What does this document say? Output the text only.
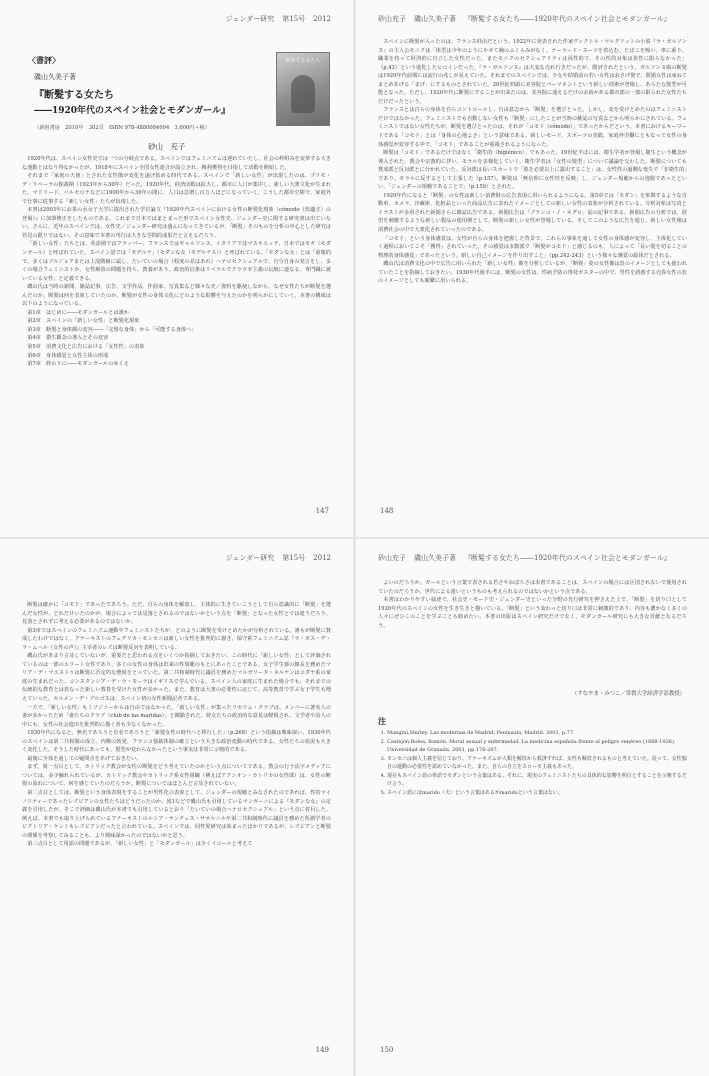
ジェンダー研究 第15号 2012
〈書評〉
磯山久美子著
『断髪する女たち
――1920年代のスペイン社会とモダンガール』
（新宿書房　2010年　302頁　ISBN 978-4880084094　3,600円＋税）
砂山　充子
断髪する女たち

1920年代は、スペイン女性史では一つの分岐点である。スペインではフェミニズムは遅れていたし、社会の枠組みを変革する大きな運動とはなり得なかったが、1918年にスペイン全国女性連合が設立され、権利獲得を目指して活動を開始した。

それまで「家庭の天使」とされた女性像が変化を遂げ始める時代である。スペインで「新しい女性」が出現したのは、プリモ・デ・リベーラの独裁期（1923年から30年）だった。1920年代、経済活動は拡大し、都市に人口が集中し、新しい大衆文化が生まれた。マドリード、バルセロナなどに1900年から30年の間に、人口は急増し百万人ほどになっていく。こうした都市空間で、家庭外で仕事に従事する「新しい女性」たちが出現した。

本書は2003年にお茶の水女子大学に提出された学位論文『1920年代スペインにおける女性の断髪化現象（cómodo（快適さ）の登場）』に加筆修正をしたものである。これまで日本ではまとまった形でスペイン女性史、ジェンダー史に関する研究書は出ていない。さらに、近年のスペインでは、女性史／ジェンダー研究は盛んになってきているが、「断髪」そのものを分析の中心とした研究は管見の限りではない。その意味で本書の刊行は大きな学問的成果だと言えるだろう。

「新しい女性」たちとは、英語圏ではフラッパー、フランスではギャルソンヌ、イタリアではマスキエッテ、日本ではモガ（モダンガール）と呼ばれていた。スペイン語では「モデルナ」（モダンな女（モデルナス））と呼ばれている。「モダンな女」とは「前衛的で、多くはブルジョアまたは上流階級に属し、たいていの場合（程度の差はあれ）ヘテロセクシュアルで、自分自身の発言をし、多くの場合フェミニストか、女性解放の問題を持ち、教養があり、政治的信条はリベラルでクラウゼ主義の伝統に連なる、専門職に就いている女性」と定義できる。

磯山氏は当時の新聞、雑誌記事、広告、文学作品、作曲家、写真集など様々な史／資料を駆使しながら、なぜ女性たちが断髪を選んだのか、断髪は何を表象していたのか、断髪が女性の身体文化にどのような影響を与えたのかを明らかにしていく。本書の構成は以下のようになっている。

第1章　はじめに――モダンガールとは誰か

第2章　スペインの「新しい女性」と断髪化現象

第3章　断髪と身体観の変容――「完璧な身体」から「可能する身体へ」

第4章　衛生観念の導入とその変容

第5章　消費文化と広告における「女性性」の表象

第6章　身体感覚と女性主体の形成

第7章　終わりに――モダンガールのゆくえ

147
砂山充子 磯山久美子著 『断髪する女たち――1920年代のスペイン社会とモダンガール』

スペインに断髪が入ったのは、フランス経由だという。1922年に発表された作家ヴィクトル・マルグリットの小説『ラ・ガルソンヌ』の主人公モニクは「体型は少年のようにやせて胸のふくらみがなく、テーラード・スーツを着込む。たばこを吸い、車に乗り、職業を持って経済的に自立した女性だった。またモニクのセクシュアリティは両性的で、その性的対象は異性に限らなかった」（p.43）という進化したヒロインだった。『ラ・ガルソンヌ』は大変な売れ行きだったが、酷評されたという。ガルソンヌ風の断髪は1920年代前期には流行の兆しが見えていた。それまでのスペインでは、少女や結婚前の若い女性はおさげ髪で、既婚女性は束ねてまとめあげる「まげ」にするものとされていた。20世紀初頭に美容院とパーマネントという新しい技術が登場し、あらたな髪型が可能となった。ただし、1920年代に断髪にすることが出来たのは、美容院に通えるだけの余裕がある都市部の一部の限られた女性たちだけだったという。

フランスとは自らの身体を自らコントロールし、自由意志から「断髪」を選びとった。しかし、変を受けとめたのはフェミニストだけではなかった。フェミニストでも自動しない女性も「断髪」にしたことが当時の雑誌の写真などから明らかにされている。フェミニストではない女性たちが、断髪を選びとったのは、それが「コモド（cómodo）」であったからだという。本書におけるキーワードである「コモド」とは「身体の心地よさ」という意味である。新しいモード、スポーツの実践、家庭外労働にともなって女性の身体感覚が変容する中で、「コモド」であることが重視されるようになった。

断髪は「コモド」であるだけではなく「衛生的（higiénico）」でもあった。19世紀半ばには、衛生学者が登場し衛生という概念が導入された。教会や宗教的に伴い、モラルを多様化していく。衛生学者は「女性の髪型」について議論を交わした。断髪についても賛成派と反対派とに分かれていた。反対派は長いスカートで「肌を必要以上に露出すること」は、女性性の過剰な喪失で「非衛生的」であり、モラルに反するとして主張した（p.157）。断髪は「無信仰に女性性を反映」し、ジェンダー規範からの逸脱であったといい、「ジェンダーの規範であることで」（p.159）とされた。

1920年代になると「断髪」の女性は新しい消費財の広告表現に用いられるようになる。第5章では「モダン」を象徴するような自動車、カメラ、冷蔵庫、化粧品といった商品広告に表れたイメージとしての新しい女性の表象が分析されている。分析対象は写真とイラストが多用された新聞さらに雑誌広告である。新聞広告は「ブランコ・イ・ネグロ」誌の記事である。新聞広告の分析では、欲望を刺激するような新しい製品の使用例として、断髪の新しい女性が登場している。そしてこのような広告を通じ、新しい女性像は消費社会の中で大衆化されていったのである。

「コモド」という身体感覚は、女性が自らの身体を把握した背景で、これらの事象を通して女性の身体感が変容し、主体化していく過程においてこそ「獲得」されていった。その感覚は多数派で「断髪がコモド」と感じるのも、人によって「長い髪を切ることの物理的身体感覚」であったという。新しい自己イメージを作り出すこと」（pp.242-243）という様々な感覚の総体だとされる。

磯山氏は消費文化の中で広告に用いられた「新しい女性」像を分析しているが、「断髪」姿の女性像は負のイメージとしても使われていたことを指摘しておきたい。1930年代後半には、断髪の女性は、性病予防の啓発ポスターの中で、男性を誘惑する売春女性の負のイメージとしても頻繁に用いられる。

148
ジェンダー研究 第15号 2012

断髪は確かに「コモド」であったであろう。ただ、自らの身体を解放し、主体的に生きていこうとして自ら意識的に「断髪」を選んだ女性が、どれだけいたのかが、場合によっては見落とされるのではないかという点を「断髪」となった女性とでは違うだろう。見落とされずに考える必要があるのではないか。

第3章ではスペインのフェミニズム運動やフェミニストたちが、どのように断髪を受けとめたかが分析されている。誰もが断髪に賛成したわけではなく、アナーキストのフェデリカ・モンセニは新しい女性を批判的に描き、保守系フェミニズム誌『ラ・ボス・デ・ラ・ムヘル（女性の声）』主宰者のレズは断髪反対を表明している。

磯山氏があまり言及していないが、重要だと思われる点をいくつか指摘しておきたい。この時代に「新しい女性」として評価されているのは一部のエリート女性であり、多くの女性の身体は旧来の性規範のもとにあったことである。女子学生寮の館長を務めたマリア・デ・マエストゥは断髪に否定的な態度をとっていた。第二共和制時代に議員を務めたマルガリータ・ネルケンはユダヤ系の家庭の生まれだった。コンスタンシア・デ・ラ・モーラはイギリスで学んでいる。スペイン人の家庭に生まれた場合でも、それまでの伝統的な教育とは異なった新しい教育を受けた女性が多かった。また、教育は大衆の必要性に応じて、高等教育で学ぶ女子学生も増えていった。カルメン・デ・ブルゴスは、スペイン初の女性新聞記者である。

一方で、「新しい女性」もミソジニーからは自由ではなかった。「新しい女性」が集ったリセウム・クラブは、メンバーに著名人の妻が多かったため「妻たちのクラブ（club de las maridas）」と揶揄された。彼女たちの政治的な意見は軽視され、文学者や詩人の中にも、女性の社会進出を批判的に描く者も少なくなかった。

1930年代になると、無名であろうと有名であろうと「新髪女性の時代へと移行した」（p.268）という指摘は興味深い。1930年代のスペインは第二共和制の成立、内戦の勃発、フランコ独裁体制の確立という大きな政治変動の時代である。女性たちの状況も大きく変化した。そうした時代にあっても、髪型が変わらなかったという事実は非常に示唆的である。

最後に全体を通しての疑問点をあげておきたい。

まず、第一点目として、カトリック教会が女性の断髪をどう考えていたのかという点についてである。教会の行う活字メディアについては、多少触れられているが、カトリック教会やカトリック系女性組織（例えばアクシオン・カトリカの女性部）は、女性の断髪の流れについて、何を感じていたのだろうか。断髪についてはほとんど言及されていない。

第二点目としては、断髪という身体表現をすることが男性化の表象として、ジェンダーの規範とみなされたのであれば、性的マイノリティーであったレズビアンの女性たちはどうだったのか。図1などで磯山氏も引用しているマンガーニによる『モダンな女』の定義を引用したが、そこで評価は磯山氏が本書でも引用しているとおり「たいていの場合ヘテロセクシュアル」という点に着目した。例えば、本書でも取り上げられているアナーキストのルシア・サンチェス・サオルニルや第二共和制時代に議員を務めた所謂学者のビクトリア・ケントもレズビアンだったと言われている。スペインでは、同性愛研究は始まったばかりであるが、レズビアンと断髪の関係を考察してみることも、より興味深かったのではないかと思う。

第三点目として用語の問題であるが、「新しい女性」と「モダンガール」は全くイコールと考えて

149
砂山充子 磯山久美子著 『断髪する女たち――1920年代のスペイン社会とモダンガール』

よいのだろうか。ガールという言葉で表される若さやおぼろさは本書であることは、スペインの場合には区別されないで使用されていたのだろうか。世代による違いというものも考えられるのではないかという点である。

本書はわかりやすい叙述で、社会史・モード史・ジェンダー史といった分野の先行研究を押さえた上で、「断髪」を切り口として1920年代のスペインの女性を生き生きと描いている。「断髪」という変わった切り口は非常に刺激的であり、内容も濃かなく多くの人々にぜひこのことを学ぶことも勧めたい。本書の出版はスペイン研究だけでなく、モダンガール研究にも大きな貢献となるだろう。

（すなやま・みつこ／常磐大学経済学部教授）
注
1. Mangini,Shirley. Las modernas de Madrid, Península, Madrid. 2001, p.77
2. Castejón Bolea, Ramón. Moral sexual y enfermedad. La medicina española frente al peligro venéreo (1868-1936). Universidad de Granada, 2001, pp.176-207.
3. モンセニは個人主義を信じており、アナーキズムが人類を解放から救済すれば、女性も解放されるものと考えていた。従って、女性独自の運動の必要性を認めていなかった。また、自らの自立をスローモ主義もあった。
4. 現在もスペイン語の単語でモダンという言葉はある。それに、現実のフェミニストたちの具体的な影響を明白とすることを示唆するだけ言う。
5. スペイン語にはmarido（夫）という言葉はあるがmaridaという言葉はない。
150
